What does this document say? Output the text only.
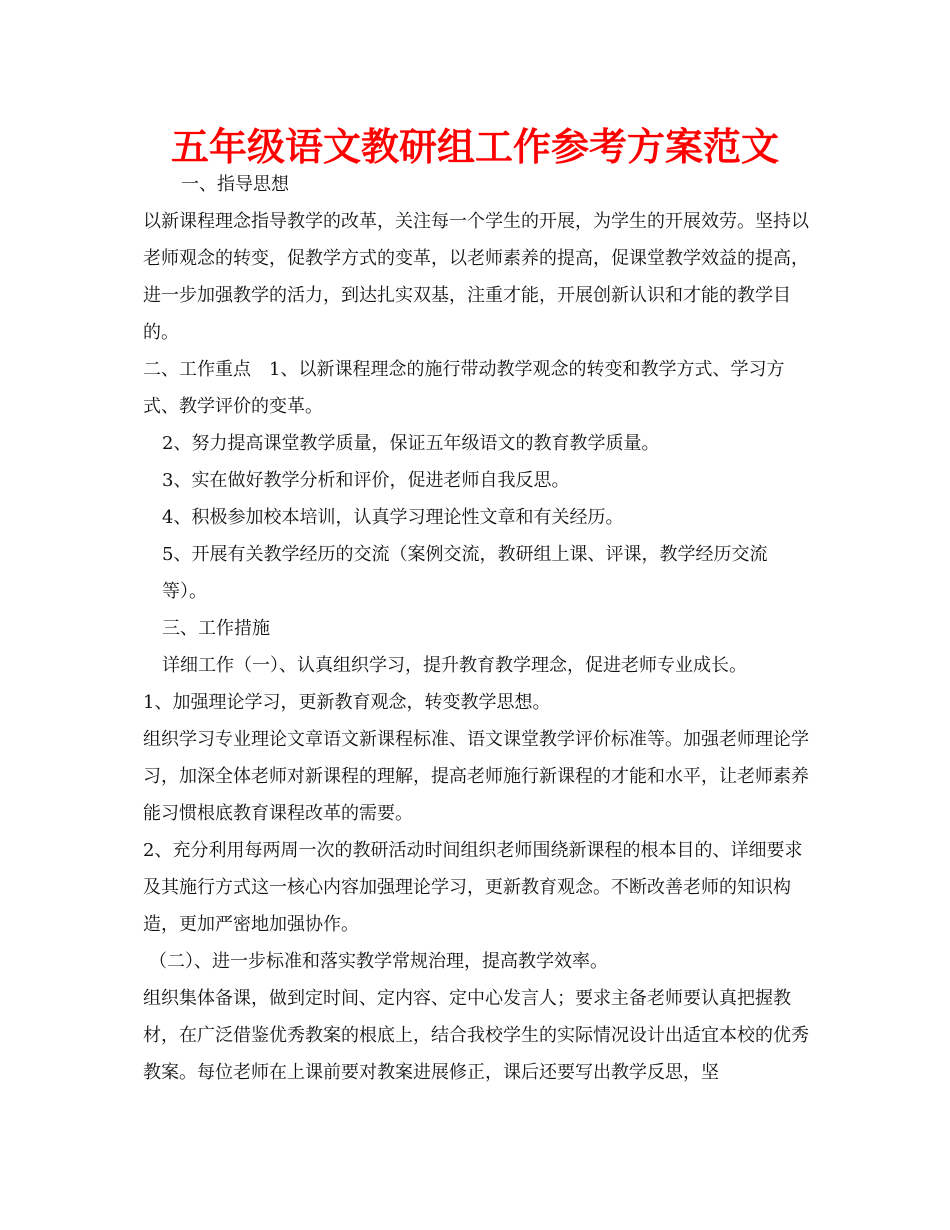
五年级语文教研组工作参考方案范文

一、指导思想

以新课程理念指导教学的改革，关注每一个学生的开展，为学生的开展效劳。坚持以老师观念的转变，促教学方式的变革，以老师素养的提高，促课堂教学效益的提高，进一步加强教学的活力，到达扎实双基，注重才能，开展创新认识和才能的教学目的。

二、工作重点　1、以新课程理念的施行带动教学观念的转变和教学方式、学习方式、教学评价的变革。

2、努力提高课堂教学质量，保证五年级语文的教育教学质量。

3、实在做好教学分析和评价，促进老师自我反思。

4、积极参加校本培训，认真学习理论性文章和有关经历。

5、开展有关教学经历的交流（案例交流，教研组上课、评课，教学经历交流等）。

三、工作措施

详细工作（一）、认真组织学习，提升教育教学理念，促进老师专业成长。

1、加强理论学习，更新教育观念，转变教学思想。

组织学习专业理论文章语文新课程标准、语文课堂教学评价标准等。加强老师理论学习，加深全体老师对新课程的理解，提高老师施行新课程的才能和水平，让老师素养能习惯根底教育课程改革的需要。

2、充分利用每两周一次的教研活动时间组织老师围绕新课程的根本目的、详细要求及其施行方式这一核心内容加强理论学习，更新教育观念。不断改善老师的知识构造，更加严密地加强协作。

（二）、进一步标准和落实教学常规治理，提高教学效率。

组织集体备课，做到定时间、定内容、定中心发言人；要求主备老师要认真把握教材，在广泛借鉴优秀教案的根底上，结合我校学生的实际情况设计出适宜本校的优秀教案。每位老师在上课前要对教案进展修正，课后还要写出教学反思，坚
